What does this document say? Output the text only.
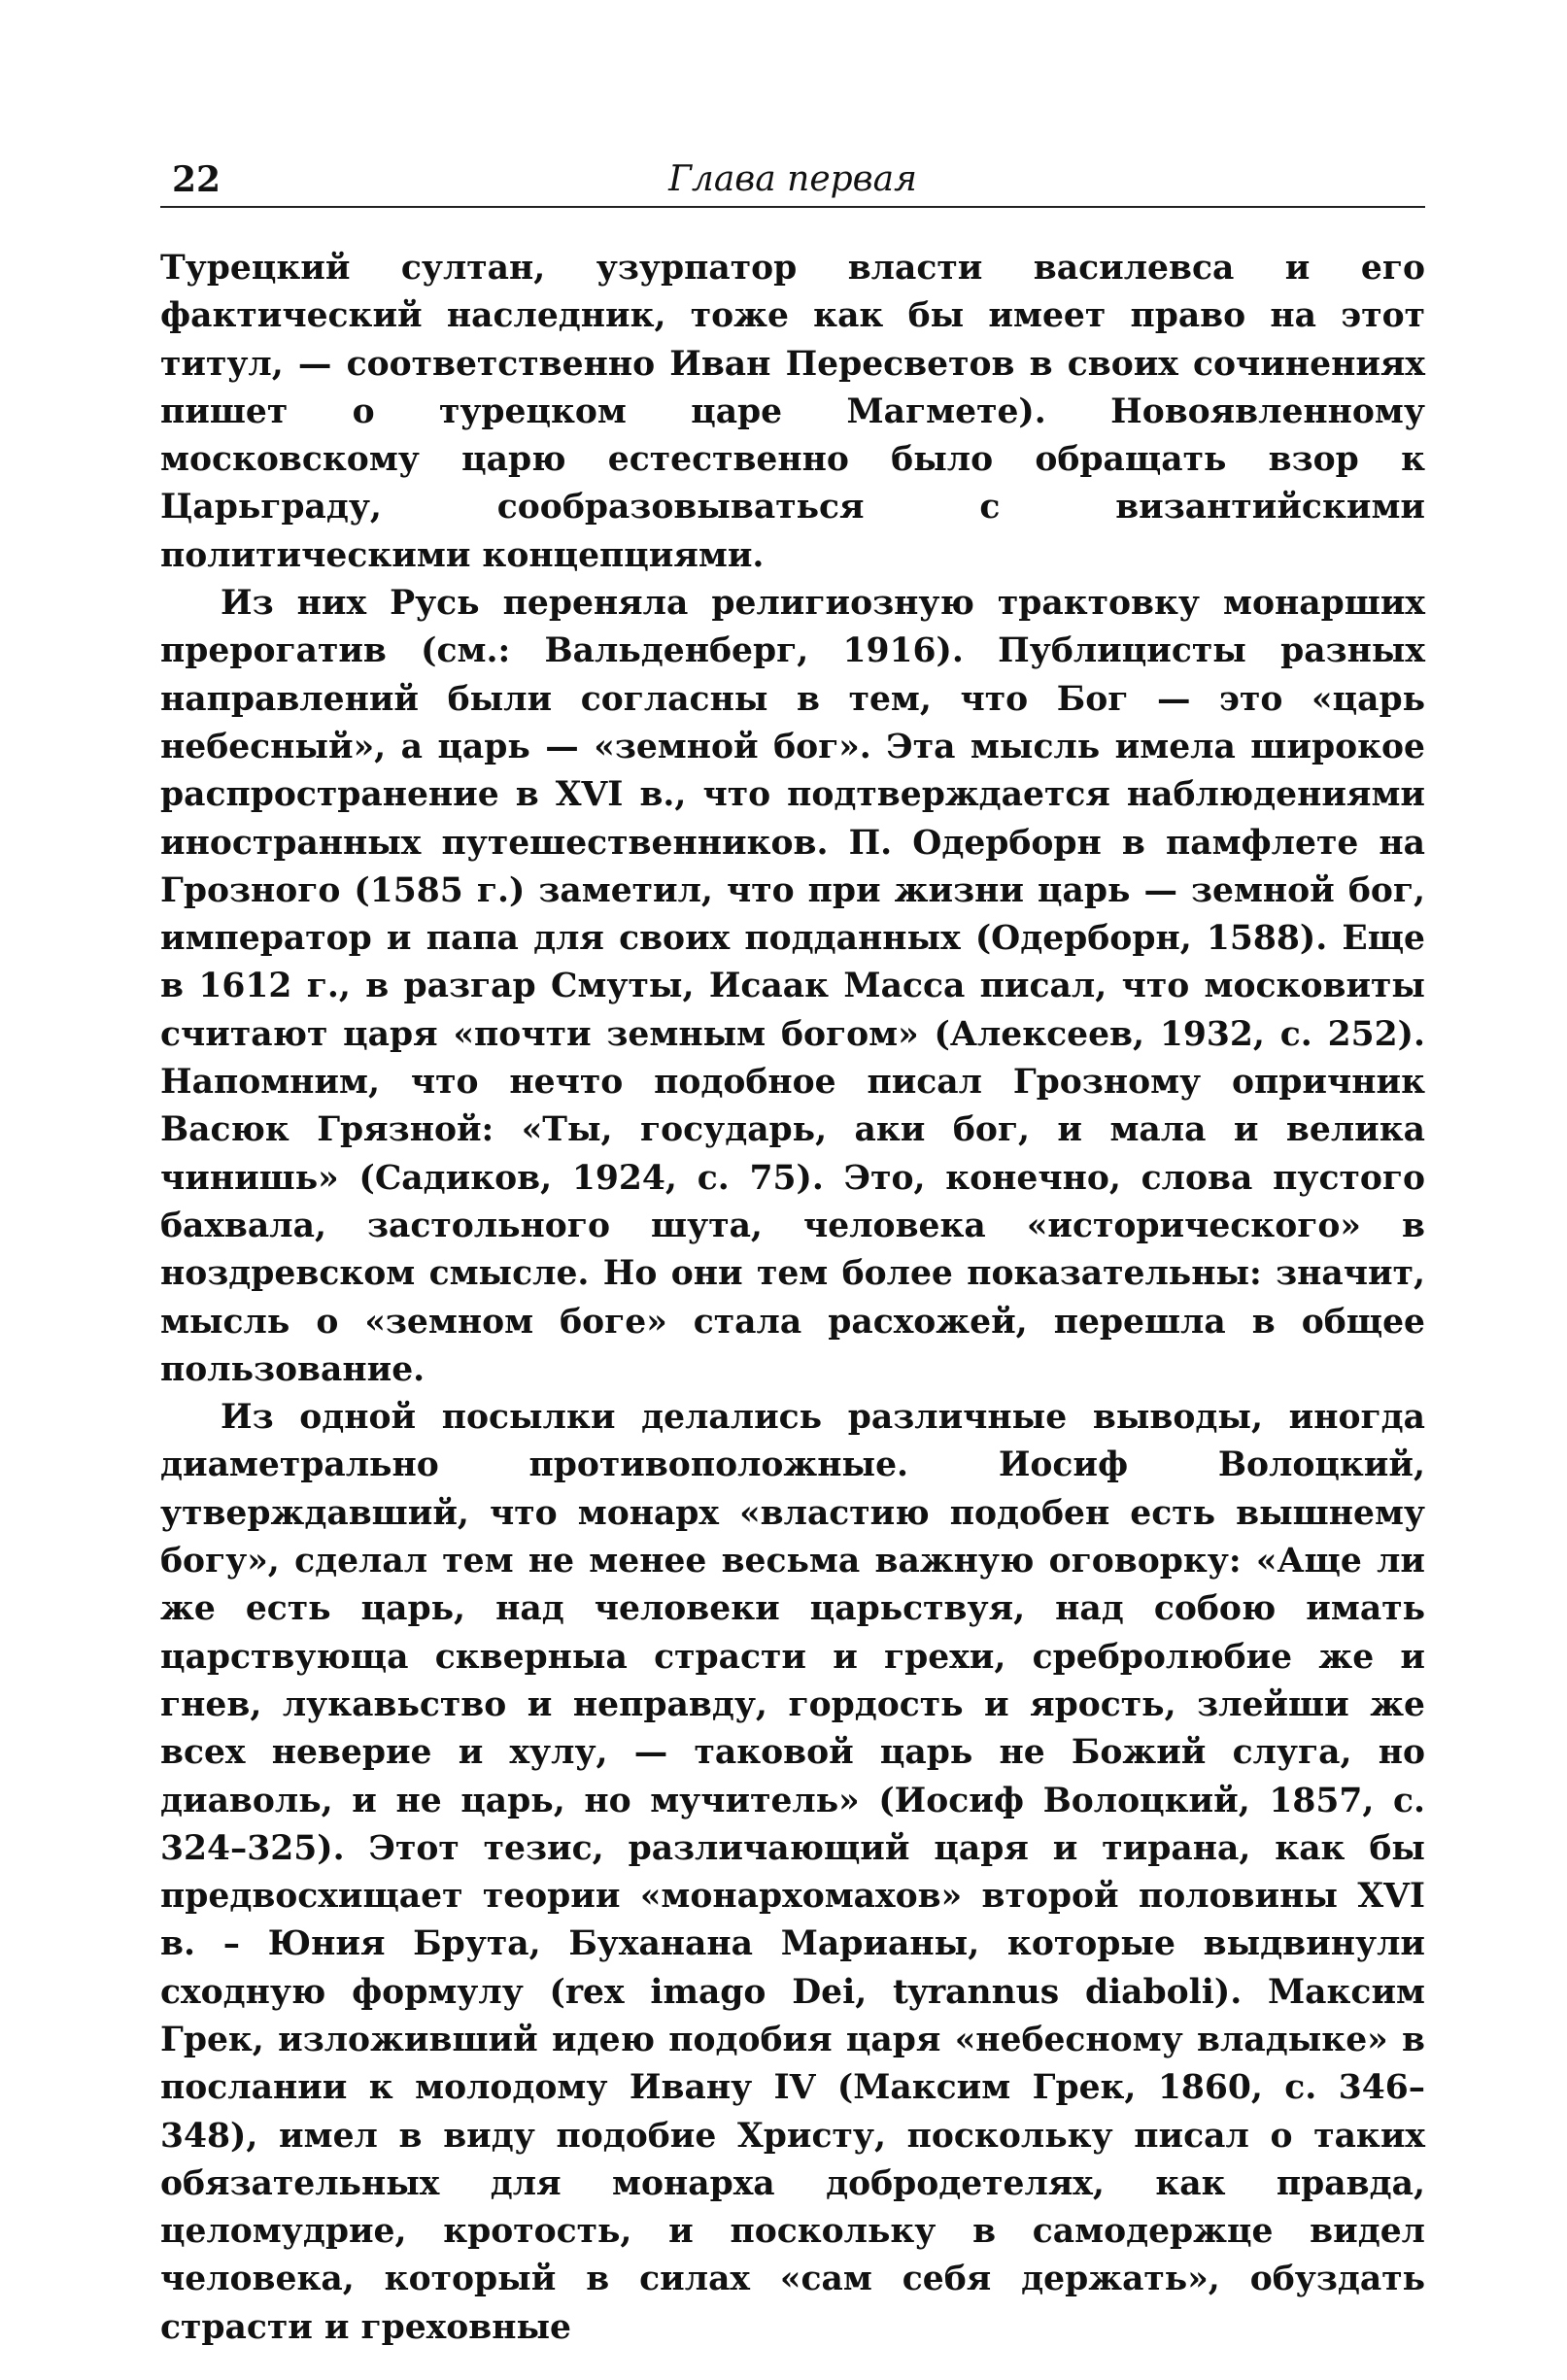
22	Глава первая

Турецкий султан, узурпатор власти василевса и его фактический наследник, тоже как бы имеет право на этот титул, — соответственно Иван Пересветов в своих сочинениях пишет о турецком царе Магмете). Новоявленному московскому царю естественно было обращать взор к Царьграду, сообразовываться с византийскими политическими концепциями.

Из них Русь переняла религиозную трактовку монарших прерогатив (см.: Вальденберг, 1916). Публицисты разных направлений были согласны в тем, что Бог — это «царь небесный», а царь — «земной бог». Эта мысль имела широкое распространение в XVI в., что подтверждается наблюдениями иностранных путешественников. П. Одерборн в памфлете на Грозного (1585 г.) заметил, что при жизни царь — земной бог, император и папа для своих подданных (Одерборн, 1588). Еще в 1612 г., в разгар Смуты, Исаак Масса писал, что московиты считают царя «почти земным богом» (Алексеев, 1932, с. 252). Напомним, что нечто подобное писал Грозному опричник Васюк Грязной: «Ты, государь, аки бог, и мала и велика чинишь» (Садиков, 1924, с. 75). Это, конечно, слова пустого бахвала, застольного шута, человека «исторического» в ноздревском смысле. Но они тем более показательны: значит, мысль о «земном боге» стала расхожей, перешла в общее пользование.

Из одной посылки делались различные выводы, иногда диаметрально противоположные. Иосиф Волоцкий, утверждавший, что монарх «властию подобен есть вышнему богу», сделал тем не менее весьма важную оговорку: «Аще ли же есть царь, над человеки царьствуя, над собою имать царствующа скверныа страсти и грехи, сребролюбие же и гнев, лукавьство и неправду, гордость и ярость, злейши же всех неверие и хулу, — таковой царь не Божий слуга, но диаволь, и не царь, но мучитель» (Иосиф Волоцкий, 1857, с. 324–325). Этот тезис, различающий царя и тирана, как бы предвосхищает теории «монархомахов» второй половины XVI в. – Юния Брута, Буханана Марианы, которые выдвинули сходную формулу (rex imago Dei, tyrannus diaboli). Максим Грек, изложивший идею подобия царя «небесному владыке» в послании к молодому Ивану IV (Максим Грек, 1860, с. 346–348), имел в виду подобие Христу, поскольку писал о таких обязательных для монарха добродетелях, как правда, целомудрие, кротость, и поскольку в самодержце видел человека, который в силах «сам себя держать», обуздать страсти и греховные
